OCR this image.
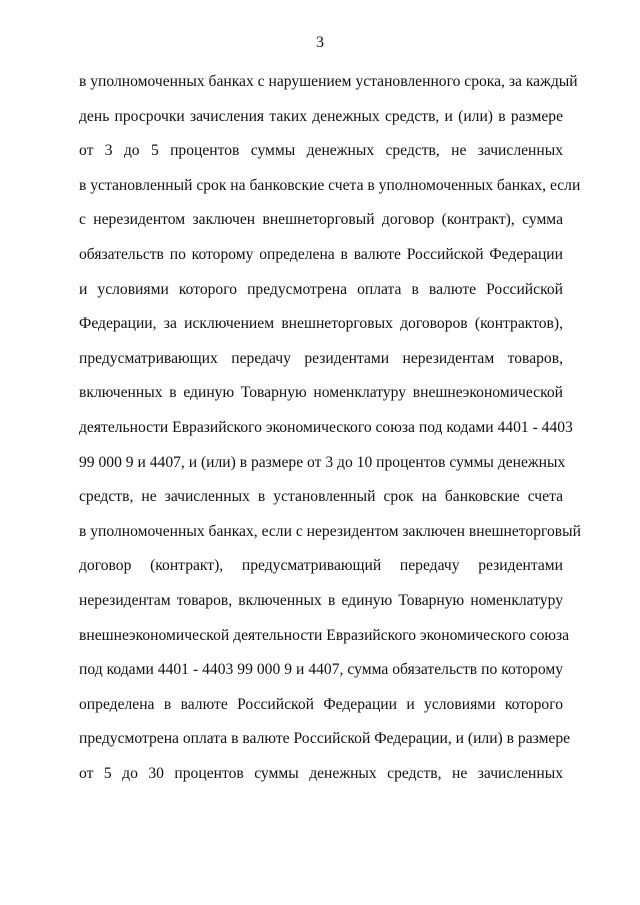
3
в уполномоченных банках с нарушением установленного срока, за каждый
день просрочки зачисления таких денежных средств, и (или) в размере
от 3 до 5 процентов суммы денежных средств, не зачисленных
в установленный срок на банковские счета в уполномоченных банках, если
с нерезидентом заключен внешнеторговый договор (контракт), сумма
обязательств по которому определена в валюте Российской Федерации
и условиями которого предусмотрена оплата в валюте Российской
Федерации, за исключением внешнеторговых договоров (контрактов),
предусматривающих передачу резидентами нерезидентам товаров,
включенных в единую Товарную номенклатуру внешнеэкономической
деятельности Евразийского экономического союза под кодами 4401 - 4403
99 000 9 и 4407, и (или) в размере от 3 до 10 процентов суммы денежных
средств, не зачисленных в установленный срок на банковские счета
в уполномоченных банках, если с нерезидентом заключен внешнеторговый
договор (контракт), предусматривающий передачу резидентами
нерезидентам товаров, включенных в единую Товарную номенклатуру
внешнеэкономической деятельности Евразийского экономического союза
под кодами 4401 - 4403 99 000 9 и 4407, сумма обязательств по которому
определена в валюте Российской Федерации и условиями которого
предусмотрена оплата в валюте Российской Федерации, и (или) в размере
от 5 до 30 процентов суммы денежных средств, не зачисленных
